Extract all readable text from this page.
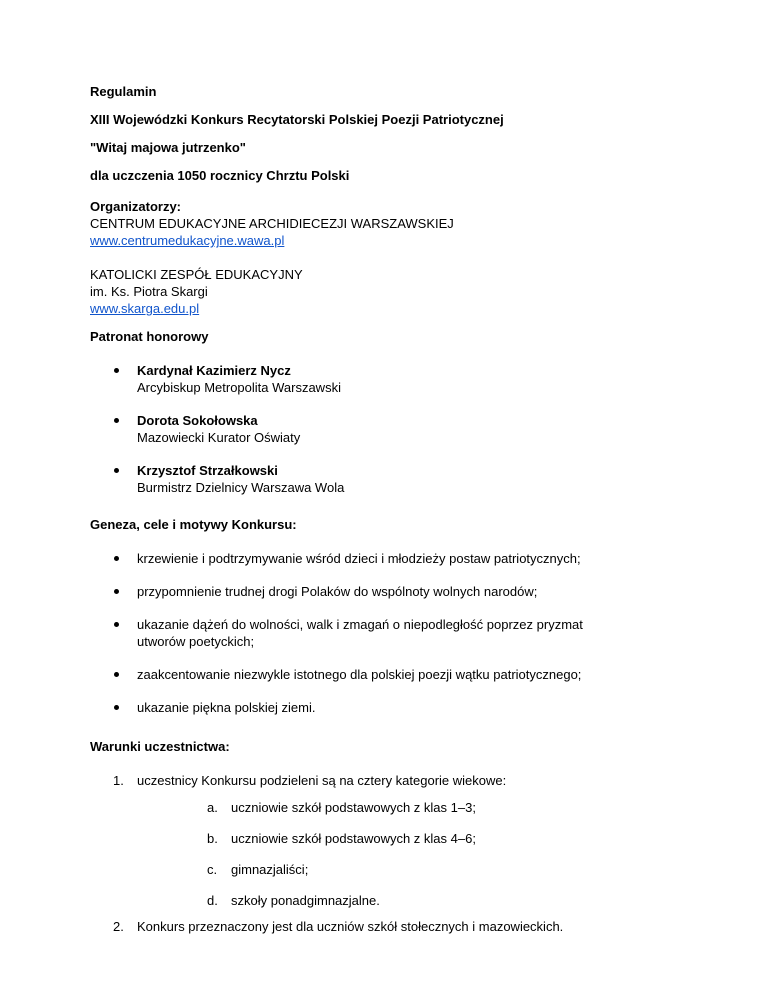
Regulamin

XIII Wojewódzki Konkurs Recytatorski Polskiej Poezji Patriotycznej

"Witaj majowa jutrzenko"

dla uczczenia 1050 rocznicy Chrztu Polski

Organizatorzy:

CENTRUM EDUKACYJNE ARCHIDIECEZJI WARSZAWSKIEJ

www.centrumedukacyjne.wawa.pl

KATOLICKI ZESPÓŁ EDUKACYJNY

im. Ks. Piotra Skargi

www.skarga.edu.pl

Patronat honorowy

Kardynał Kazimierz Nycz
Arcybiskup Metropolita Warszawski
Dorota Sokołowska
Mazowiecki Kurator Oświaty
Krzysztof Strzałkowski
Burmistrz Dzielnicy Warszawa Wola

Geneza, cele i motywy Konkursu:

krzewienie i podtrzymywanie wśród dzieci i młodzieży postaw patriotycznych;
przypomnienie trudnej drogi Polaków do wspólnoty wolnych narodów;
ukazanie dążeń do wolności, walk i zmagań o niepodległość poprzez pryzmat utworów poetyckich;
zaakcentowanie niezwykle istotnego dla polskiej poezji wątku patriotycznego;
ukazanie piękna polskiej ziemi.

Warunki uczestnictwa:

1. uczestnicy Konkursu podzieleni są na cztery kategorie wiekowe:
a. uczniowie szkół podstawowych z klas 1–3;
b. uczniowie szkół podstawowych z klas 4–6;
c. gimnazjaliści;
d. szkoły ponadgimnazjalne.
2. Konkurs przeznaczony jest dla uczniów szkół stołecznych i mazowieckich.
